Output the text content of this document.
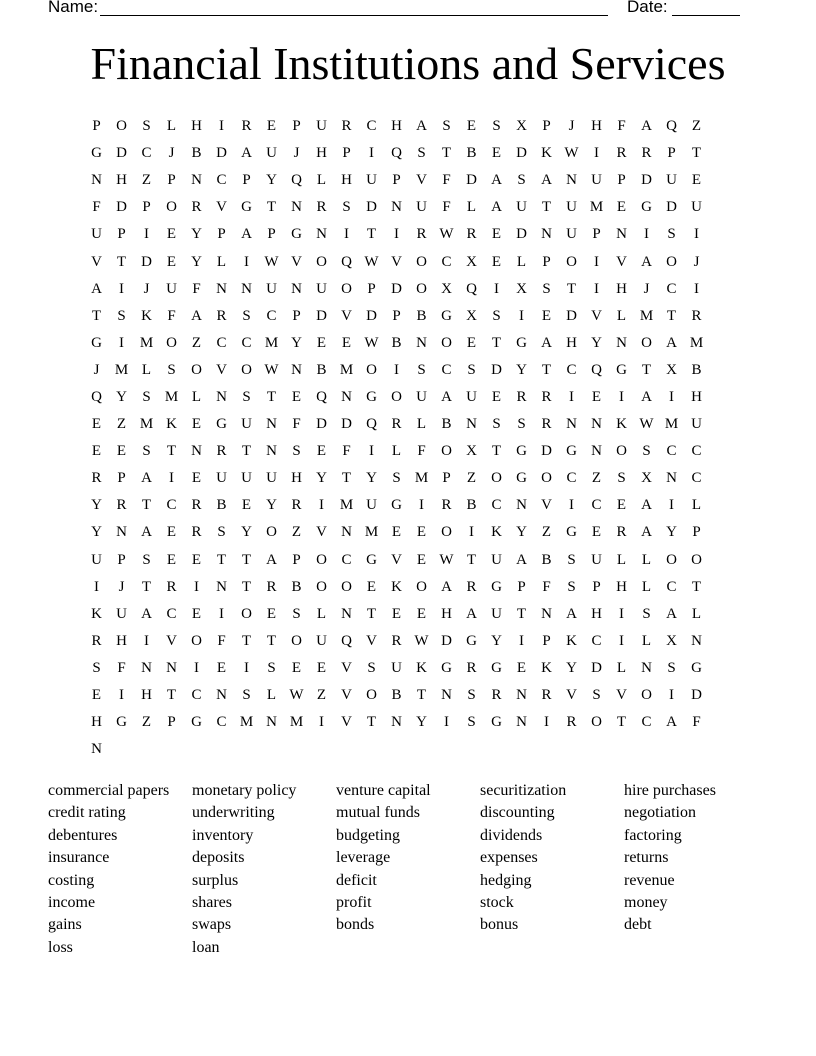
Name:	Date:
Financial Institutions and Services
P	O	S	L	H	I	R	E	P	U R C H A	S	E	S	X	P	J	H	F	A Q Z
G D C	J	B D A U	J	H	P	I	Q	S	T	B	E	D K W	I	R R	P	T
N H Z	P	N C	P	Y Q L	H U	P	V	F	D A	S	A N U	P	D U E
F	D	P	O R V G T	N R	S	D N U	F	L	A U T	U M E	G D U
U	P	I	E	Y	P	A	P	G N	I	T	I	R W R	E	D N U	P	N	I	S	I
V T	D E	Y L	I	W V O Q W V O C X E	L	P	O	I	V A O	J
A	I	J	U	F	N N U N U O	P	D O X Q	I	X	S	T	I	H	J	C	I
T	S	K	F	A R	S	C	P	D V D	P	B G X	S	I	E	D V L M T	R
G	I	M O Z	C C M Y E	E W B N O E	T	G A H Y N O A M
J	M L	S	O V O W N B M O	I	S	C	S	D Y T	C Q G T	X B
Q Y	S M L	N	S	T	E	Q N G O U A U E	R R	I	E	I	A	I	H
E	Z M K E	G U N	F	D D Q R	L	B N	S	S	R N N K W M U
E	E	S	T	N R	T	N	S	E	F	I	L	F	O X T	G D G N O	S	C C
R	P	A	I	E	U U U H Y T	Y	S M P	Z	O G O C	Z	S	X N C
Y R	T	C R B	E	Y R	I	M U G	I	R B C N V	I	C	E	A	I	L
Y N A E	R	S	Y O Z	V N M E	E	O	I	K Y Z	G E	R A Y	P
U	P	S	E	E	T	T	A	P	O C G V E W T	U A B	S	U L	L	O O
I	J	T	R	I	N T	R B O O E	K O A R G	P	F	S	P	H L	C	T
K U A C	E	I	O E	S	L	N T	E	E	H A U T	N A H	I	S	A L
R H	I	V O	F	T	T	O U Q V R W D G Y	I	P	K C	I	L	X N
S	F	N N	I	E	I	S	E	E	V	S	U K G R G E	K Y D L	N	S	G
E	I	H T	C N	S	L W Z	V O B	T	N	S	R N R V	S	V O	I	D
H G Z	P	G C M N M	I	V T	N Y	I	S	G N	I	R O T	C A	F
N
commercial papers
credit rating
debentures
insurance
costing
income
gains
loss
monetary policy
underwriting
inventory
deposits
surplus
shares
swaps
loan
venture capital
mutual funds
budgeting
leverage
deficit
profit
bonds
securitization
discounting
dividends
expenses
hedging
stock
bonus
hire purchases
negotiation
factoring
returns
revenue
money
debt
